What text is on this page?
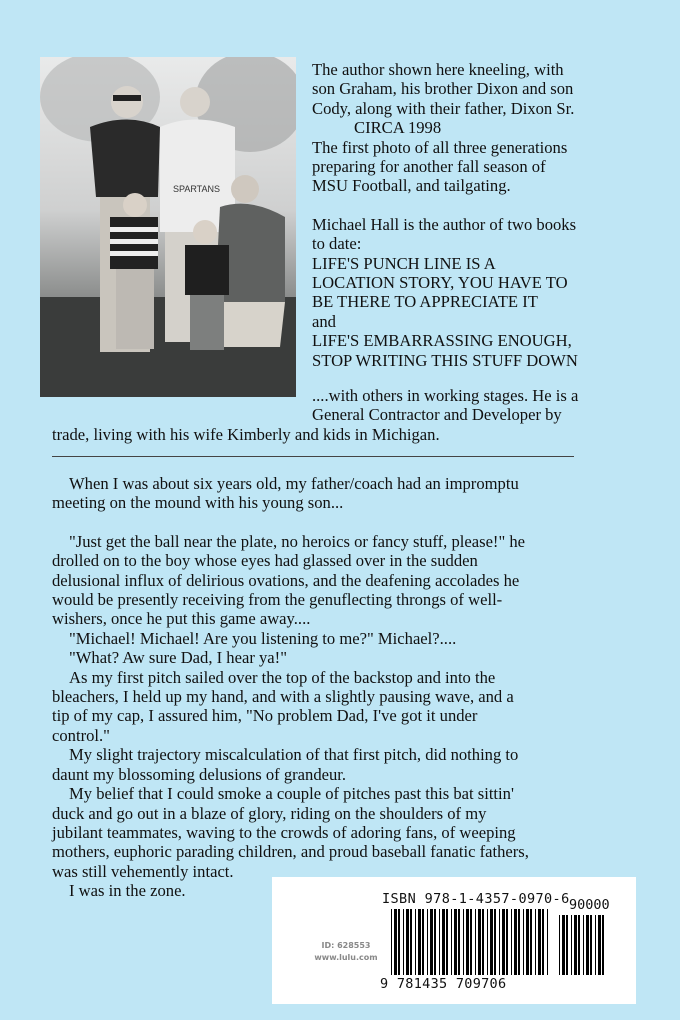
SPARTANS

The author shown here kneeling, with

son Graham, his brother Dixon and son

Cody, along with their father, Dixon Sr.

CIRCA 1998

The first photo of all three generations

preparing for another fall season of

MSU Football, and tailgating.

Michael Hall is the author of two books

to date:

LIFE'S PUNCH LINE IS A

LOCATION STORY, YOU HAVE TO

BE THERE TO APPRECIATE IT

and

LIFE'S EMBARRASSING ENOUGH,

STOP WRITING THIS STUFF DOWN

....with others in working stages. He is a

General Contractor and Developer by

trade, living with his wife Kimberly and kids in Michigan.

When I was about six years old, my father/coach had an impromptu

meeting on the mound with his young son...

"Just get the ball near the plate, no heroics or fancy stuff, please!" he

drolled on to the boy whose eyes had glassed over in the sudden

delusional influx of delirious ovations, and the deafening accolades he

would be presently receiving from the genuflecting throngs of well-

wishers, once he put this game away....

"Michael! Michael! Are you listening to me?" Michael?....

"What? Aw sure Dad, I hear ya!"

As my first pitch sailed over the top of the backstop and into the

bleachers, I held up my hand, and with a slightly pausing wave, and a

tip of my cap, I assured him, "No problem Dad, I've got it under

control."

My slight trajectory miscalculation of that first pitch, did nothing to

daunt my blossoming delusions of grandeur.

My belief that I could smoke a couple of pitches past this bat sittin'

duck and go out in a blaze of glory, riding on the shoulders of my

jubilant teammates, waving to the crowds of adoring fans, of weeping

mothers, euphoric parading children, and proud baseball fanatic fathers,

was still vehemently intact.

I was in the zone.

ID: 628553
www.lulu.com
ISBN 978-1-4357-0970-6 90000
9 781435 709706
